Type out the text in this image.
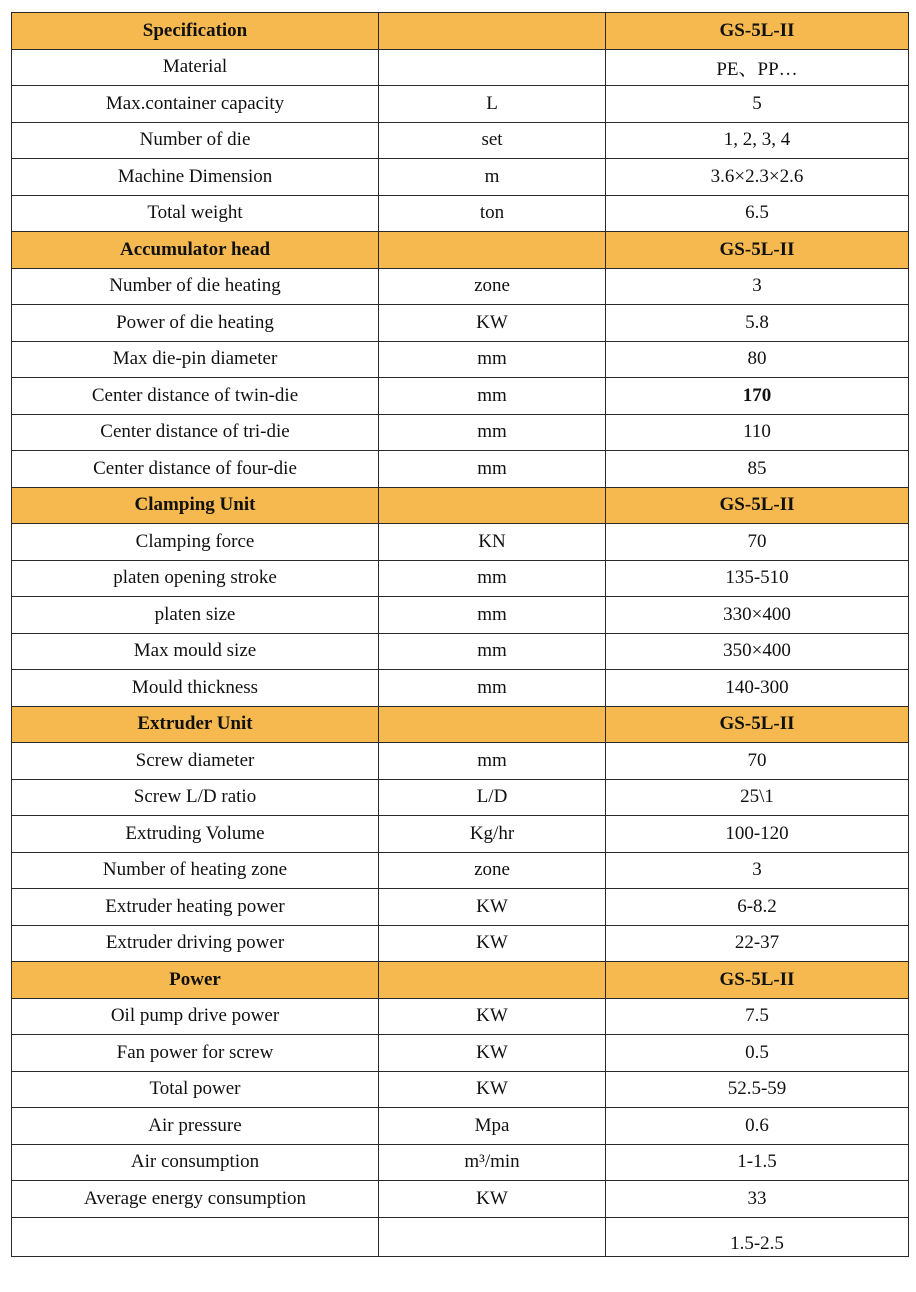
Specification		GS-5L-II
Material		PE、PP…
Max.container capacity	L	5
Number of die	set	1, 2, 3, 4
Machine Dimension	m	3.6×2.3×2.6
Total weight	ton	6.5
Accumulator head		GS-5L-II
Number of die heating	zone	3
Power of die heating	KW	5.8
Max die-pin diameter	mm	80
Center distance of twin-die	mm	170
Center distance of tri-die	mm	110
Center distance of four-die	mm	85
Clamping Unit		GS-5L-II
Clamping force	KN	70
platen opening stroke	mm	135-510
platen size	mm	330×400
Max mould size	mm	350×400
Mould thickness	mm	140-300
Extruder Unit		GS-5L-II
Screw diameter	mm	70
Screw L/D ratio	L/D	25\1
Extruding Volume	Kg/hr	100-120
Number of heating zone	zone	3
Extruder heating power	KW	6-8.2
Extruder driving power	KW	22-37
Power		GS-5L-II
Oil pump drive power	KW	7.5
Fan power for screw	KW	0.5
Total power	KW	52.5-59
Air pressure	Mpa	0.6
Air consumption	m³/min	1-1.5
Average energy consumption	KW	33
		1.5-2.5
